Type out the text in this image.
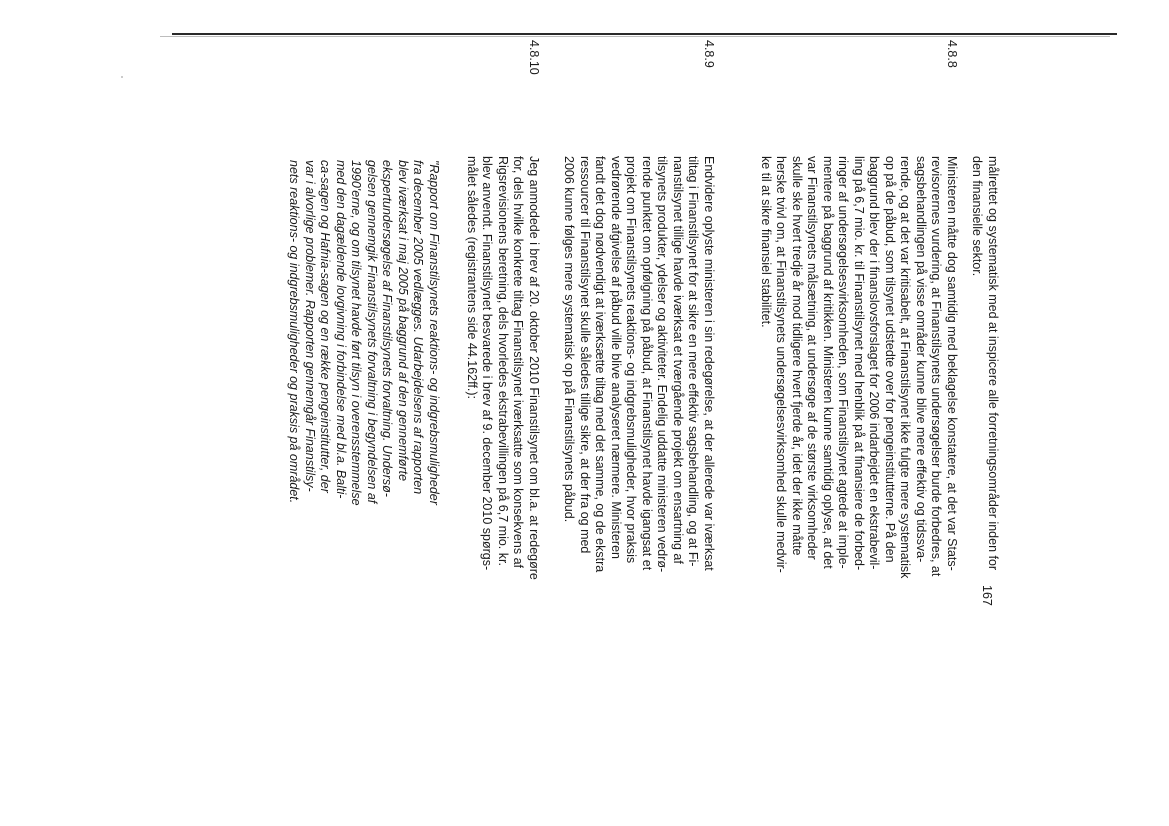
167
målrettet og systematisk med at inspicere alle forretningsområder inden for
den finansielle sektor.
4.8.8
Ministeren måtte dog samtidig med beklagelse konstatere, at det var Stats-
revisorernes vurdering, at Finanstilsynets undersøgelser burde forbedres, at
sagsbehandlingen på visse områder kunne blive mere effektiv og tidssva-
rende, og at det var kritisabelt, at Finanstilsynet ikke fulgte mere systematisk
op på de påbud, som tilsynet udstedte over for pengeinstitutterne. På den
baggrund blev der i finanslovsforslaget for 2006 indarbejdet en ekstrabevil-
ling på 6,7 mio. kr. til Finanstilsynet med henblik på at finansiere de forbed-
ringer af undersøgelsesvirksomheden, som Finanstilsynet agtede at imple-
mentere på baggrund af kritikken. Ministeren kunne samtidig oplyse, at det
var Finanstilsynets målsætning, at undersøge af de største virksomheder
skulle ske hvert tredje år mod tidligere hvert fjerde år, idet der ikke måtte
herske tvivl om, at Finanstilsynets undersøgelsesvirksomhed skulle medvir-
ke til at sikre finansiel stabilitet.
4.8.9
Endvidere oplyste ministeren i sin redegørelse, at der allerede var iværksat
tiltag i Finanstilsynet for at sikre en mere effektiv sagsbehandling, og at Fi-
nanstilsynet tillige havde iværksat et tværgående projekt om ensartning af
tilsynets produkter, ydelser og aktiviteter. Endelig uddatte ministeren vedrø-
rende punktet om opfølgning på påbud, at Finanstilsynet havde igangsat et
projekt om Finanstilsynets reaktions- og indgrebsmuligheder, hvor praksis
vedrørende afgivelse af påbud ville blive analyseret nærmere. Ministeren
fandt det dog nødvendigt at iværksætte tiltag med det samme, og de ekstra
ressourcer til Finanstilsynet skulle således tillige sikre, at der fra og med
2006 kunne følges mere systematisk op på Finanstilsynets påbud.
4.8.10
Jeg anmodede i brev af 20. oktober 2010 Finanstilsynet om bl.a. at redegøre
for, dels hvilke konkrete tiltag Finanstilsynet iværksatte som konsekvens af
Rigsrevisionens beretning, dels hvorledes ekstrabevillingen på 6,7 mio. kr.
blev anvendt. Finanstilsynet besvarede i brev af 9. december 2010 spørgs-
målet således (registrantens side 44.162ff.):
"Rapport om Finanstilsynets reaktions- og indgrebsmuligheder
fra december 2005 vedlægges. Udarbejdelsens af rapporten
blev iværksat i maj 2005 på baggrund af den gennemførte
ekspertundersøgelse af Finanstilsynets forvaltning. Undersø-
gelsen gennemgik Finanstilsynets forvaltning i begyndelsen af
1990'erne, og om tilsynet havde ført tilsyn i overensstemmelse
med den dagældende lovgivning i forbindelse med bl.a. Balti-
ca-sagen og Hafnia-sagen og en række pengeinstitutter, der
var i alvorlige problemer. Rapporten gennemgår Finanstilsy-
nets reaktions- og indgrebsmuligheder og praksis på området.
